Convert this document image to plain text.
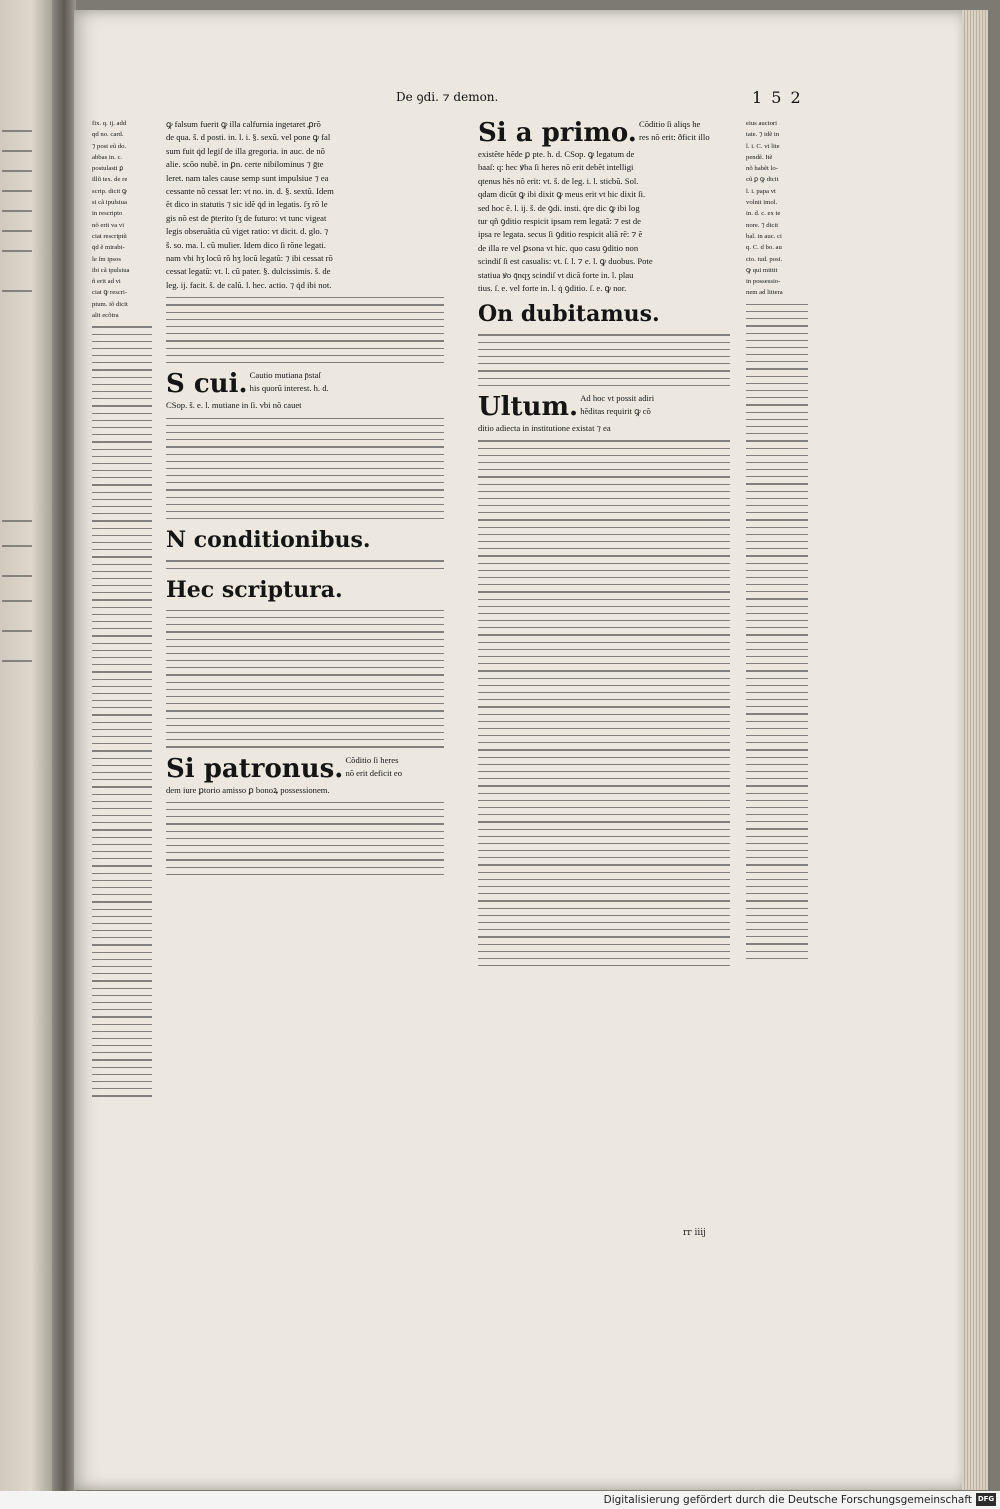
De ꝯdi. ⁊ demon.	1 5 2
fix. q. ij. add
qd no. card.
⁊ post eũ do.
abbas in. c.
postulasti ꝑ
illũ tex. de re
scrip. dicit ꝙ
si cã ipulsiua
in rescripto
nõ erit va vi
ciat rescriptũ
q̇d ẽ mirabi-
le ſm ipsos
ibi cã ipulsiua
ñ erit ad vi
ciat ꝙ rescri-
ptum. iõ dicit
alit ecõtra
ꝙ falsum fuerit ꝙ illa calfurnia ingetaret ꝓrõ
de qua. š. d posti. in. l. i. §. sexũ. vel pone ꝙ fal
sum fuit q̇d legiſ de illa gregoria. in auc. de nõ
alie. scõo nubẽ. in ꝑn. certe nibilominus ⁊ ḡte
leret. nam tales cause semp sunt impulsiue ⁊ ea
cessante nõ cessat ler: vt no. in. d. §. sextũ. Idem
ẽt dico in statutis ⁊ sic idẽ q̇d in legatis. ſʒ rõ le
gis nõ est de p̄terito ſʒ de futuro: vt tunc vigeat
legis obseruãtia cũ viget ratio: vt dicit. d. glo. ⁊
š. so. ma. l. cũ mulier. Idem dico ſi rõne legati.
nam vbi hʒ locũ rõ hʒ locũ legatũ: ⁊ ibi cessat rõ
cessat legatũ: vt. l. cũ pater. §. dulcissimis. š. de
leg. ij. facit. š. de calũ. l. hec. actio. ⁊ q̇d ibi not.
S cui. Cautio mutiana p̄staſ
his quorũ interest. h. d.
CSop. š. e. l. mutiane in ſi. vbi nõ cauet
N conditionibus.
Hec scriptura.
Si patronus. Cõditio ſi heres
nõ erit deficit eo
dem iure ꝑtorio amisso ꝑ bonoꝝ possessionem.
Si a primo. Cõditio ſi aliqs he
res nõ erit: ðficit illo
existẽte hẽde ꝑ pte. h. d. CSop. ꝙ legatum de
baaſ: q: hec ꝟba ſi heres nõ erit debẽt intelligi
qtenus hẽs nõ erit: vt. š. de leg. i. l. sticbũ. Sol.
qdam dicũt ꝙ ibi dixit ꝙ meus erit vt hic dixit ſi.
sed hoc ẽ. l. ij. š. de ꝯdi. insti. q̇re dic ꝙ ibi log
tur qñ ꝯditio respicit ipsam rem legatã: ⁊ est de
ipsa re legata. secus ſi ꝯditio respicit aliã rẽ: ⁊ ẽ
de illa re vel ꝑsona vt hic. quo casu ꝯditio non
scindiſ ſi est casualis: vt. ſ. l. ⁊ e. l. ꝙ duobus. Pote
statiua ꝟo q̄nqʒ scindiſ vt dicã forte in. l. plau
tius. ſ. e. vel forte in. l. q̇ ꝯditio. ſ. e. ꝙ nor.
On dubitamus.
Ultum. Ad hoc vt possit adiri
hẽditas requirit ꝙ cõ
ditio adiecta in institutione existat ⁊ ea
eius auctori
tate. ⁊ idẽ in
l. i. C. vt lite
pendẽ. Itẽ
nõ habẽt lo-
cũ ꝑ ꝙ dicit
l. i. papa vt
volnit imol.
in. d. c. ex te
nore. ⁊ dicit
bal. in auc. ci
q. C. d bo. au
cto. iud. posi.
ꝙ qui mittit
in possessio-
nem ad littera
rr iiij
Digitalisierung gefördert durch die Deutsche Forschungsgemeinschaft DFG
